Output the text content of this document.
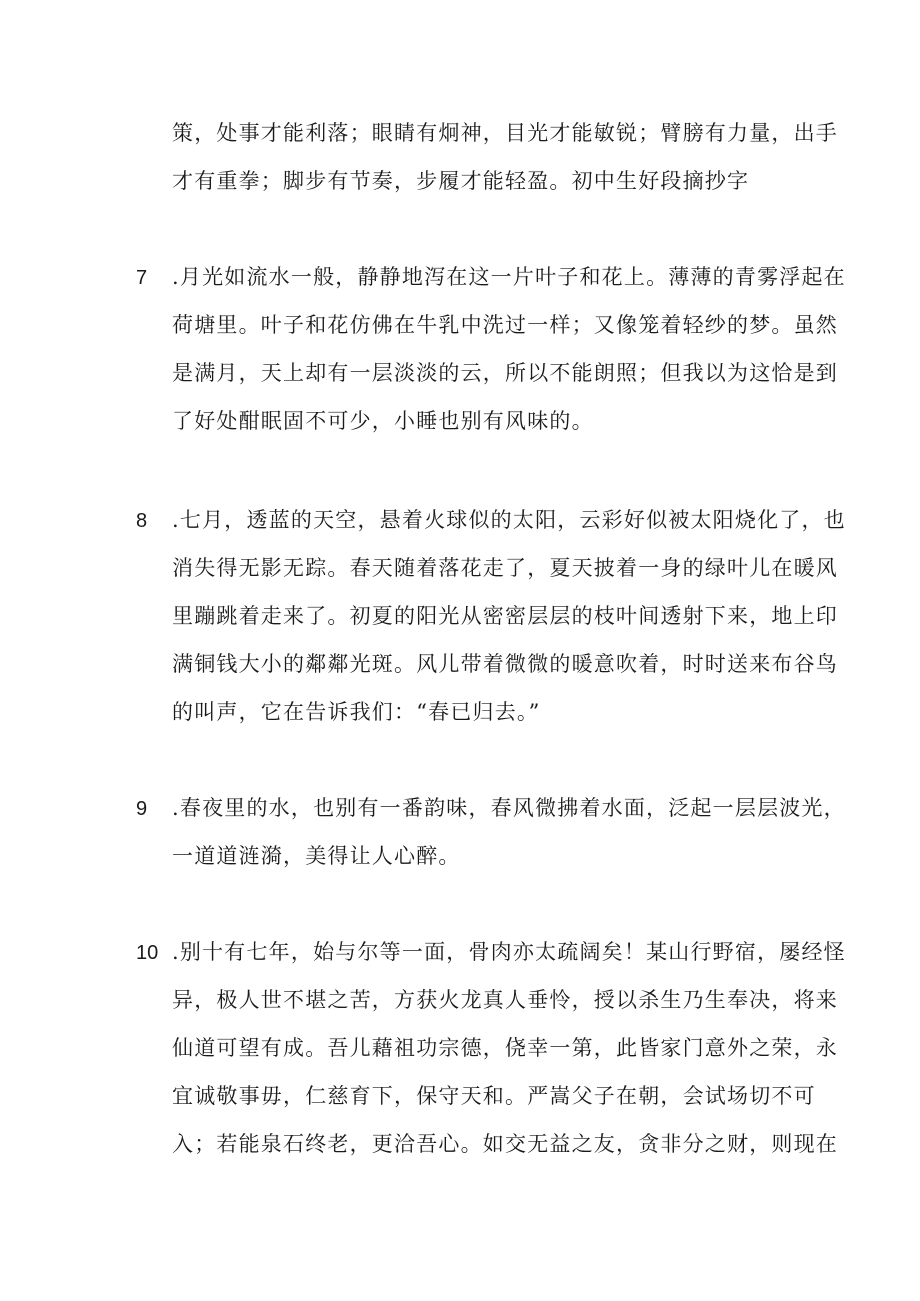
策，处事才能利落；眼睛有炯神，目光才能敏锐；臂膀有力量，出手
才有重拳；脚步有节奏，步履才能轻盈。初中生好段摘抄字
7 .月光如流水一般，静静地泻在这一片叶子和花上。薄薄的青雾浮起在
荷塘里。叶子和花仿佛在牛乳中洗过一样；又像笼着轻纱的梦。虽然
是满月，天上却有一层淡淡的云，所以不能朗照；但我以为这恰是到
了好处酣眠固不可少，小睡也别有风味的。
8 .七月，透蓝的天空，悬着火球似的太阳，云彩好似被太阳烧化了，也
消失得无影无踪。春天随着落花走了，夏天披着一身的绿叶儿在暖风
里蹦跳着走来了。初夏的阳光从密密层层的枝叶间透射下来，地上印
满铜钱大小的鄰鄰光斑。风儿带着微微的暖意吹着，时时送来布谷鸟
的叫声，它在告诉我们：“春已归去。”
9 .春夜里的水，也别有一番韵味，春风微拂着水面，泛起一层层波光，
一道道涟漪，美得让人心醉。
10 .别十有七年，始与尔等一面，骨肉亦太疏阔矣！某山行野宿，屡经怪
异，极人世不堪之苦，方获火龙真人垂怜，授以杀生乃生奉决，将来
仙道可望有成。吾儿藉祖功宗德，侥幸一第，此皆家门意外之荣，永
宜诚敬事毋，仁慈育下，保守天和。严嵩父子在朝，会试场切不可
入；若能泉石终老，更洽吾心。如交无益之友，贪非分之财，则现在
